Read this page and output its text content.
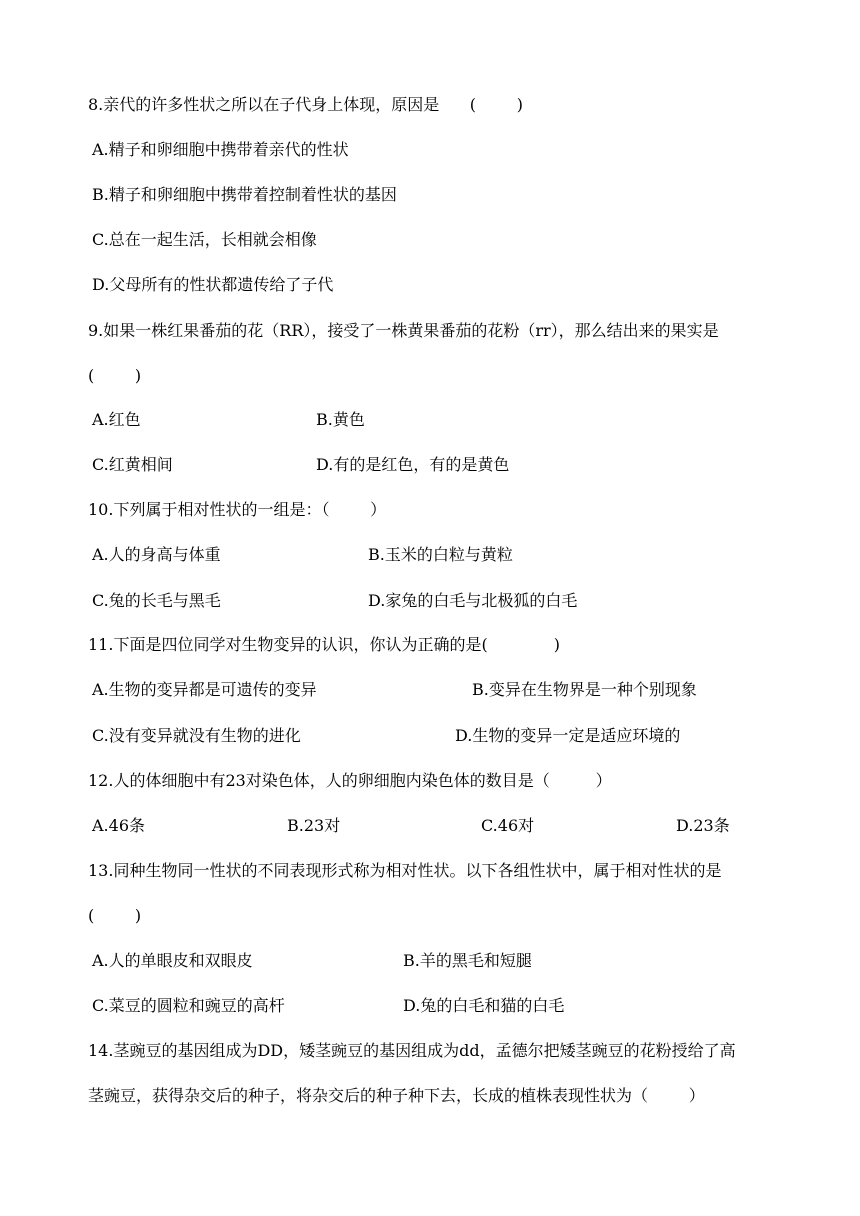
8.亲代的许多性状之所以在子代身上体现，原因是      (        )
A.精子和卵细胞中携带着亲代的性状
B.精子和卵细胞中携带着控制着性状的基因
C.总在一起生活，长相就会相像
D.父母所有的性状都遗传给了子代
9.如果一株红果番茄的花（RR），接受了一株黄果番茄的花粉（rr），那么结出来的果实是
(        )
A.红色	B.黄色
C.红黄相间	D.有的是红色，有的是黄色
10.下列属于相对性状的一组是：（        ）
A.人的身高与体重	B.玉米的白粒与黄粒
C.兔的长毛与黑毛	D.家兔的白毛与北极狐的白毛
11.下面是四位同学对生物变异的认识，你认为正确的是(             )
A.生物的变异都是可遗传的变异	B.变异在生物界是一种个别现象
C.没有变异就没有生物的进化	D.生物的变异一定是适应环境的
12.人的体细胞中有23对染色体，人的卵细胞内染色体的数目是（         ）
A.46条	B.23对	C.46对	D.23条
13.同种生物同一性状的不同表现形式称为相对性状。以下各组性状中，属于相对性状的是
(        )
A.人的单眼皮和双眼皮	B.羊的黑毛和短腿
C.菜豆的圆粒和豌豆的高杆	D.兔的白毛和猫的白毛
14.茎豌豆的基因组成为DD，矮茎豌豆的基因组成为dd，孟德尔把矮茎豌豆的花粉授给了高
茎豌豆，获得杂交后的种子，将杂交后的种子种下去，长成的植株表现性状为（        ）
